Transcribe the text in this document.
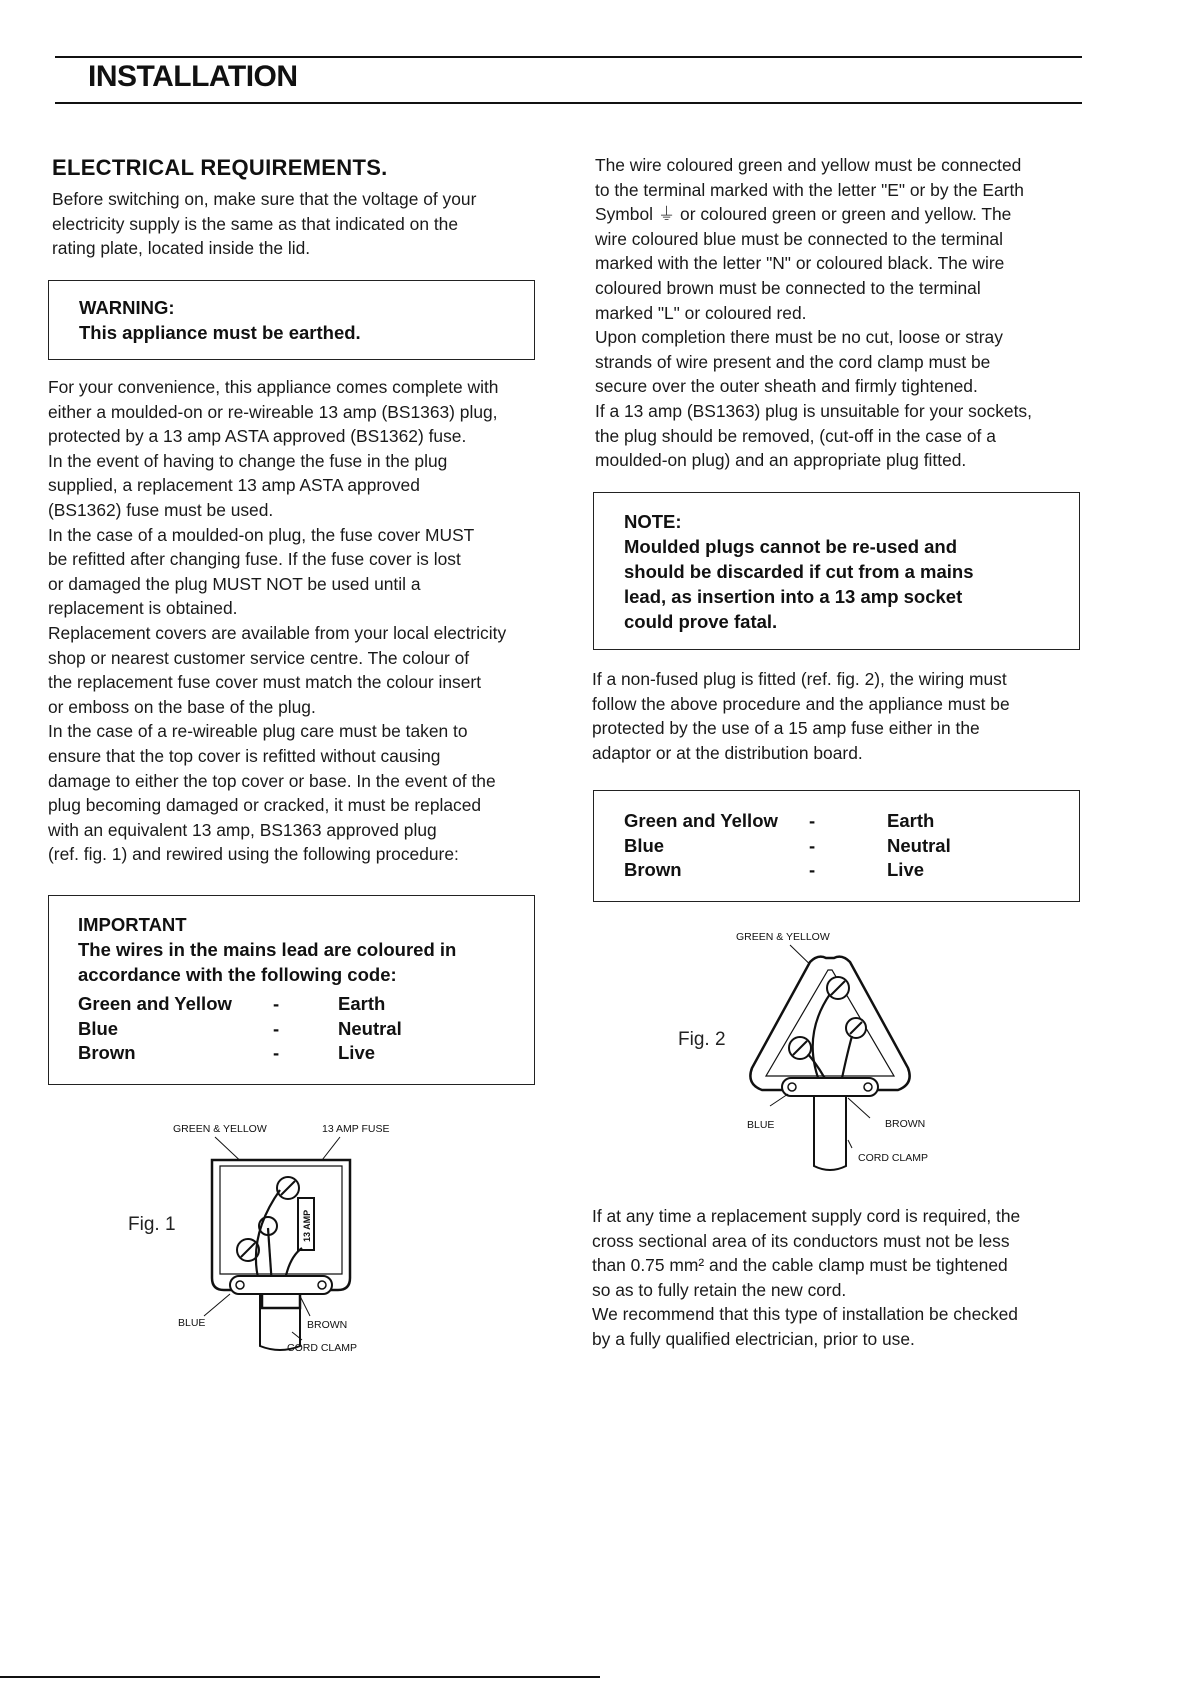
INSTALLATION
ELECTRICAL REQUIREMENTS.

Before switching on, make sure that the voltage of your

electricity supply is the same as that indicated on the

rating plate, located inside the lid.

WARNING:

This appliance must be earthed.

For your convenience, this appliance comes complete with

either a moulded-on or re-wireable 13 amp (BS1363) plug,

protected by a 13 amp ASTA approved (BS1362) fuse.

In the event of having to change the fuse in the plug

supplied, a replacement 13 amp ASTA approved

(BS1362) fuse must be used.

In the case of a moulded-on plug, the fuse cover MUST

be refitted after changing fuse. If the fuse cover is lost

or damaged the plug MUST NOT be used until a

replacement is obtained.

Replacement covers are available from your local electricity

shop or nearest customer service centre. The colour of

the replacement fuse cover must match the colour insert

or emboss on the base of the plug.

In the case of a re-wireable plug care must be taken to

ensure that the top cover is refitted without causing

damage to either the top cover or base. In the event of the

plug becoming damaged or cracked, it must be replaced

with an equivalent 13 amp, BS1363 approved plug

(ref. fig. 1) and rewired using the following procedure:

IMPORTANT

The wires in the mains lead are coloured in

accordance with the following code:

Green and Yellow	-	Earth
Blue	-	Neutral
Brown	-	Live
Fig. 1
GREEN & YELLOW	13 AMP FUSE
13 AMP
BLUE	BROWN
CORD CLAMP

The wire coloured green and yellow must be connected

to the terminal marked with the letter "E" or by the Earth

Symbol ⏚ or coloured green or green and yellow. The

wire coloured blue must be connected to the terminal

marked with the letter "N" or coloured black. The wire

coloured brown must be connected to the terminal

marked "L" or coloured red.

Upon completion there must be no cut, loose or stray

strands of wire present and the cord clamp must be

secure over the outer sheath and firmly tightened.

If a 13 amp (BS1363) plug is unsuitable for your sockets,

the plug should be removed, (cut-off in the case of a

moulded-on plug) and an appropriate plug fitted.

NOTE:

Moulded plugs cannot be re-used and

should be discarded if cut from a mains

lead, as insertion into a 13 amp socket

could prove fatal.

If a non-fused plug is fitted (ref. fig. 2), the wiring must

follow the above procedure and the appliance must be

protected by the use of a 15 amp fuse either in the

adaptor or at the distribution board.

Green and Yellow	-	Earth
Blue	-	Neutral
Brown	-	Live
Fig. 2
GREEN & YELLOW
BLUE	BROWN
CORD CLAMP

If at any time a replacement supply cord is required, the

cross sectional area of its conductors must not be less

than 0.75 mm² and the cable clamp must be tightened

so as to fully retain the new cord.

We recommend that this type of installation be checked

by a fully qualified electrician, prior to use.
